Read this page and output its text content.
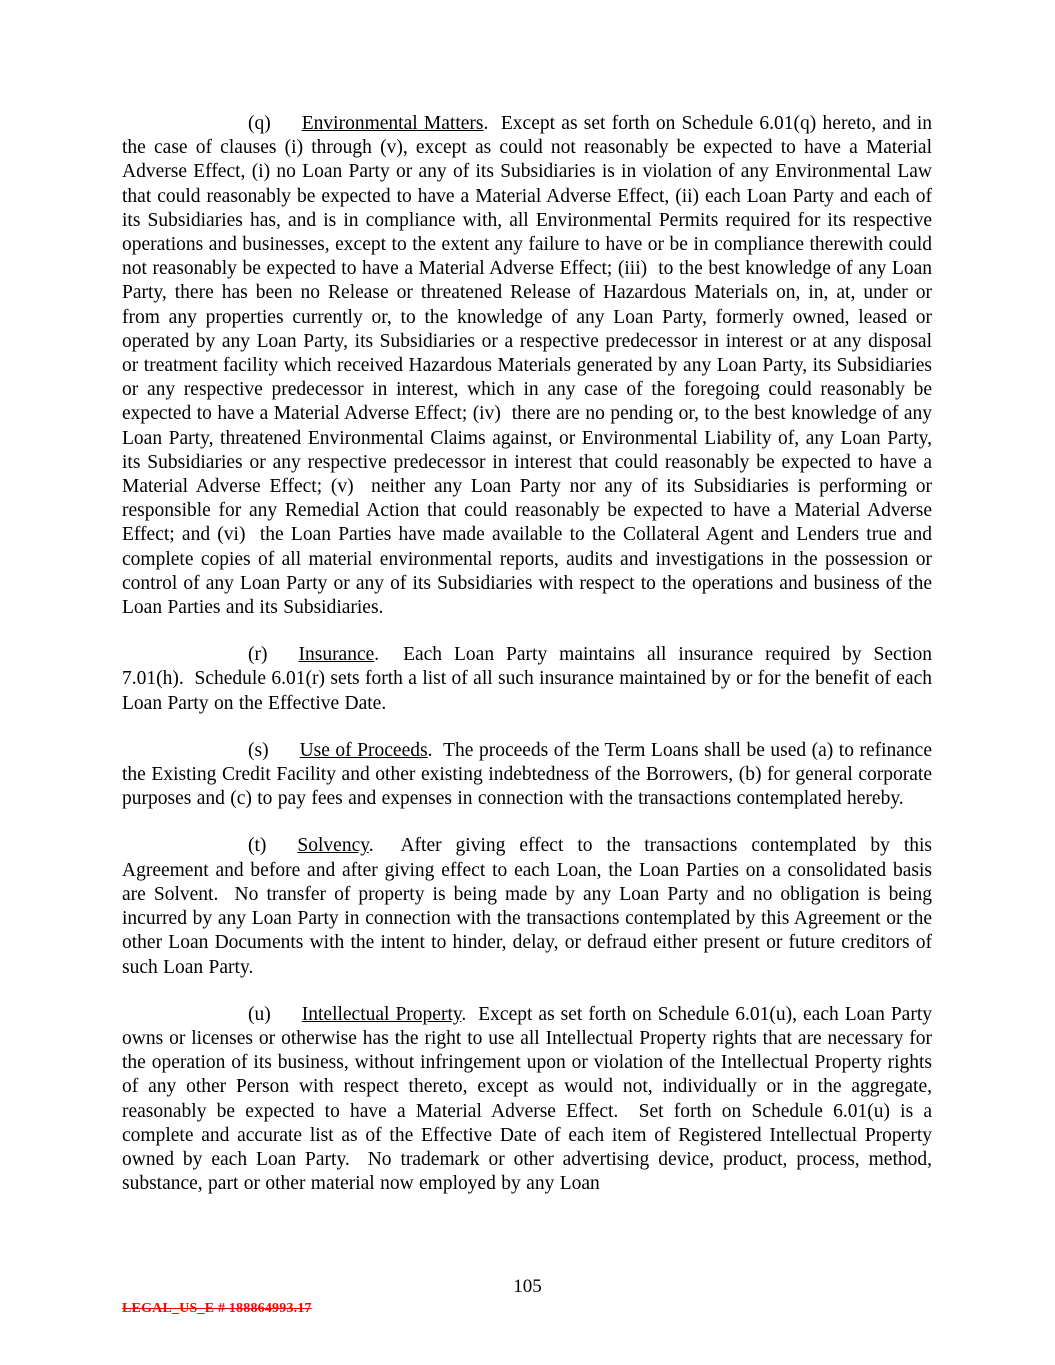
(q) Environmental Matters.  Except as set forth on Schedule 6.01(q) hereto, and in the case of clauses (i) through (v), except as could not reasonably be expected to have a Material Adverse Effect, (i) no Loan Party or any of its Subsidiaries is in violation of any Environmental Law that could reasonably be expected to have a Material Adverse Effect, (ii) each Loan Party and each of its Subsidiaries has, and is in compliance with, all Environmental Permits required for its respective operations and businesses, except to the extent any failure to have or be in compliance therewith could not reasonably be expected to have a Material Adverse Effect; (iii)  to the best knowledge of any Loan Party, there has been no Release or threatened Release of Hazardous Materials on, in, at, under or from any properties currently or, to the knowledge of any Loan Party, formerly owned, leased or operated by any Loan Party, its Subsidiaries or a respective predecessor in interest or at any disposal or treatment facility which received Hazardous Materials generated by any Loan Party, its Subsidiaries or any respective predecessor in interest, which in any case of the foregoing could reasonably be expected to have a Material Adverse Effect; (iv)  there are no pending or, to the best knowledge of any Loan Party, threatened Environmental Claims against, or Environmental Liability of, any Loan Party, its Subsidiaries or any respective predecessor in interest that could reasonably be expected to have a Material Adverse Effect; (v)  neither any Loan Party nor any of its Subsidiaries is performing or responsible for any Remedial Action that could reasonably be expected to have a Material Adverse Effect; and (vi)  the Loan Parties have made available to the Collateral Agent and Lenders true and complete copies of all material environmental reports, audits and investigations in the possession or control of any Loan Party or any of its Subsidiaries with respect to the operations and business of the Loan Parties and its Subsidiaries.

(r) Insurance.  Each Loan Party maintains all insurance required by Section 7.01(h).  Schedule 6.01(r) sets forth a list of all such insurance maintained by or for the benefit of each Loan Party on the Effective Date.

(s) Use of Proceeds.  The proceeds of the Term Loans shall be used (a) to refinance the Existing Credit Facility and other existing indebtedness of the Borrowers, (b) for general corporate purposes and (c) to pay fees and expenses in connection with the transactions contemplated hereby.

(t) Solvency.  After giving effect to the transactions contemplated by this Agreement and before and after giving effect to each Loan, the Loan Parties on a consolidated basis are Solvent.  No transfer of property is being made by any Loan Party and no obligation is being incurred by any Loan Party in connection with the transactions contemplated by this Agreement or the other Loan Documents with the intent to hinder, delay, or defraud either present or future creditors of such Loan Party.

(u) Intellectual Property.  Except as set forth on Schedule 6.01(u), each Loan Party owns or licenses or otherwise has the right to use all Intellectual Property rights that are necessary for the operation of its business, without infringement upon or violation of the Intellectual Property rights of any other Person with respect thereto, except as would not, individually or in the aggregate, reasonably be expected to have a Material Adverse Effect.  Set forth on Schedule 6.01(u) is a complete and accurate list as of the Effective Date of each item of Registered Intellectual Property owned by each Loan Party.  No trademark or other advertising device, product, process, method, substance, part or other material now employed by any Loan

105
LEGAL_US_E # 188864993.17
